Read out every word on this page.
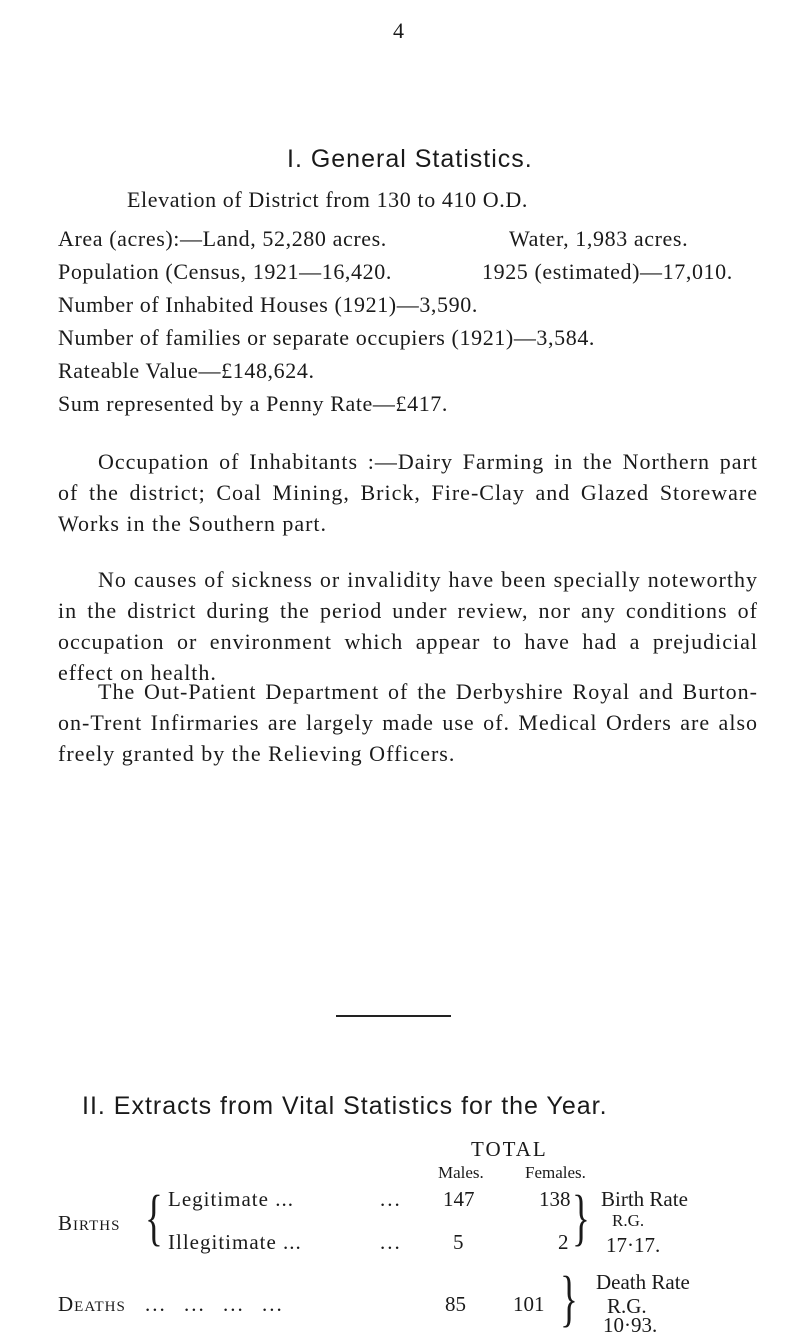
4
I. General Statistics.
Elevation of District from 130 to 410 O.D.
Area (acres):—Land, 52,280 acres.	Water, 1,983 acres.
Population (Census, 1921—16,420.	1925 (estimated)—17,010.
Number of Inhabited Houses (1921)—3,590.
Number of families or separate occupiers (1921)—3,584.
Rateable Value—£148,624.
Sum represented by a Penny Rate—£417.

Occupation of Inhabitants :—Dairy Farming in the Northern part of the district; Coal Mining, Brick, Fire-Clay and Glazed Storeware Works in the Southern part.

No causes of sickness or invalidity have been specially noteworthy in the district during the period under review, nor any conditions of occupation or environment which appear to have had a prejudicial effect on health.

The Out-Patient Department of the Derbyshire Royal and Burton-on-Trent Infirmaries are largely made use of. Medical Orders are also freely granted by the Relieving Officers.

II. Extracts from Vital Statistics for the Year.
TOTAL
Males. Females.
Births { Legitimate ...	... 147	138
Illegitimate ...	... 5	2 } Birth Rate
R.G.
17·17.
Deaths ... ... ... ...	85 101 } Death Rate
R.G.
10·93.
